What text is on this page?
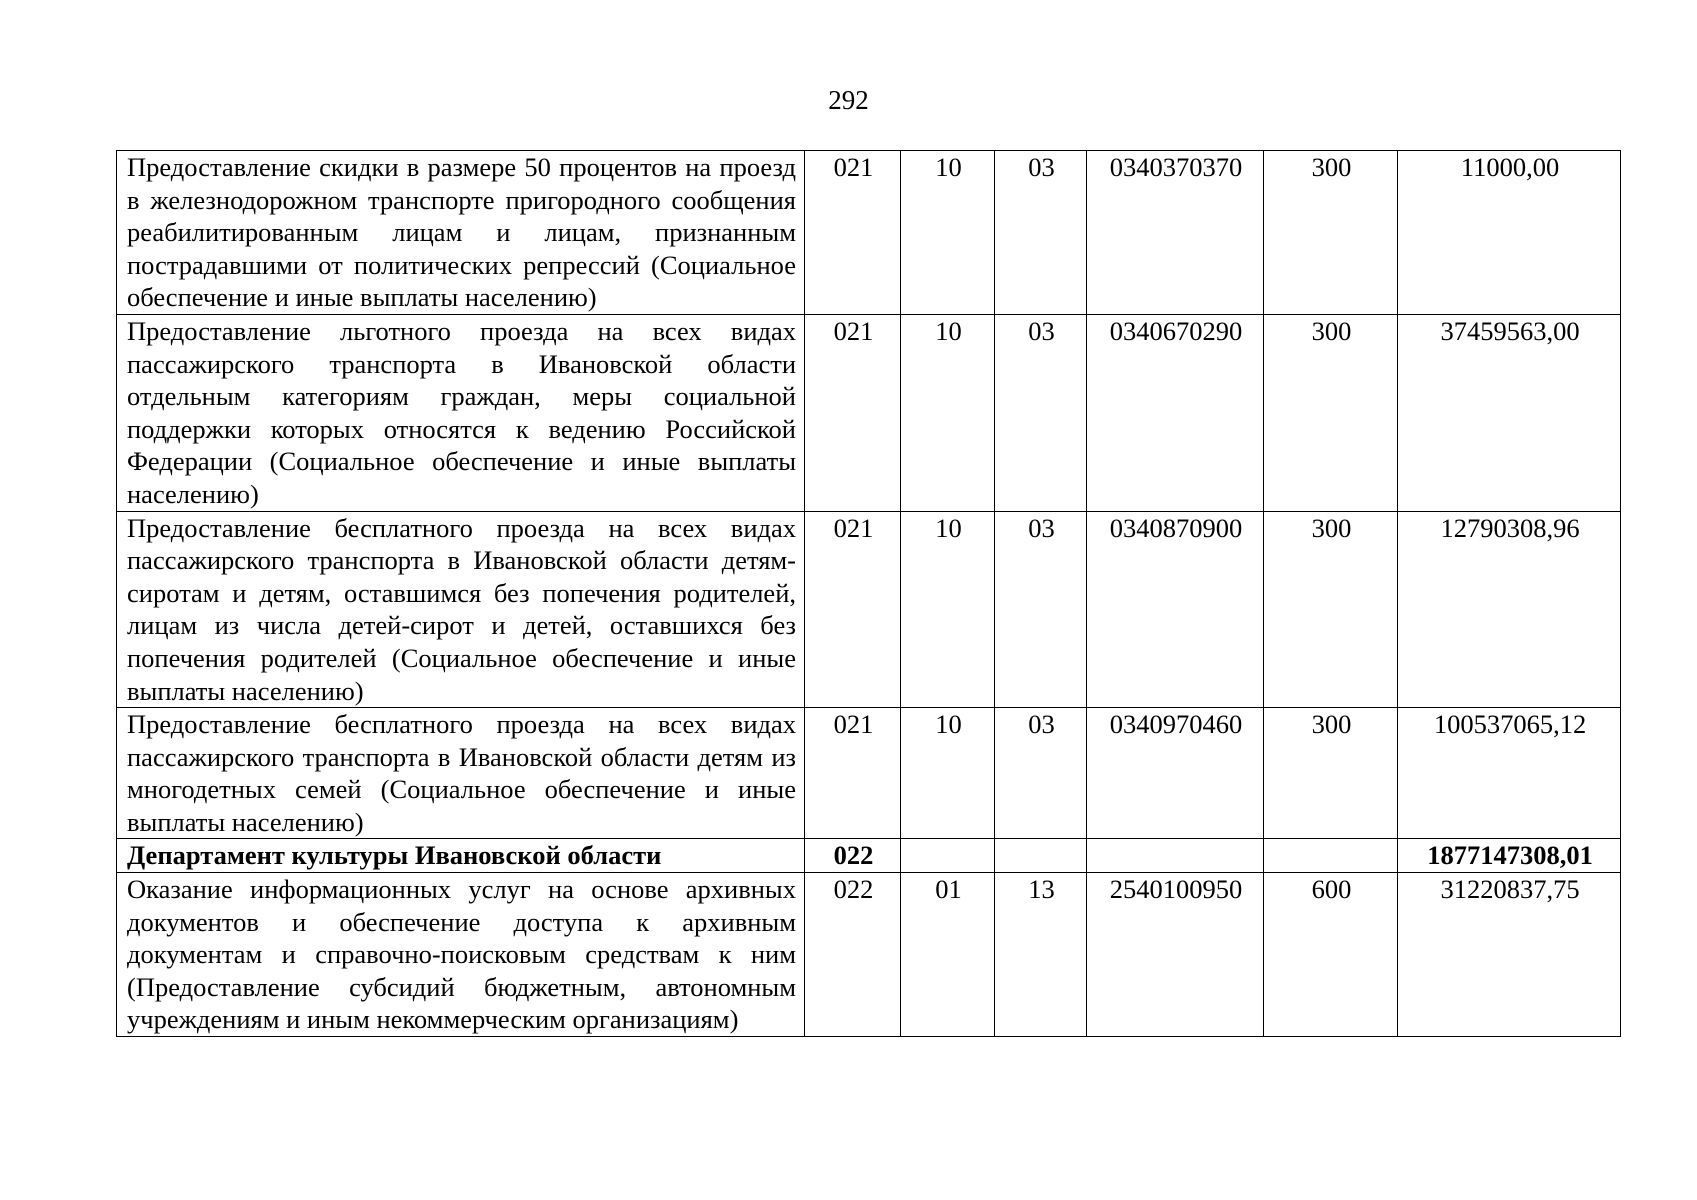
292
Предоставление скидки в размере 50 процентов на проезд в железнодорожном транспорте пригородного сообщения реабилитированным лицам и лицам, признанным пострадавшими от политических репрессий (Социальное обеспечение и иные выплаты населению)	021	10	03	0340370370	300	11000,00
Предоставление льготного проезда на всех видах пассажирского транспорта в Ивановской области отдельным категориям граждан, меры социальной поддержки которых относятся к ведению Российской Федерации (Социальное обеспечение и иные выплаты населению)	021	10	03	0340670290	300	37459563,00
Предоставление бесплатного проезда на всех видах пассажирского транспорта в Ивановской области детям-сиротам и детям, оставшимся без попечения родителей, лицам из числа детей-сирот и детей, оставшихся без попечения родителей (Социальное обеспечение и иные выплаты населению)	021	10	03	0340870900	300	12790308,96
Предоставление бесплатного проезда на всех видах пассажирского транспорта в Ивановской области детям из многодетных семей (Социальное обеспечение и иные выплаты населению)	021	10	03	0340970460	300	100537065,12
Департамент культуры Ивановской области	022					1877147308,01
Оказание информационных услуг на основе архивных документов и обеспечение доступа к архивным документам и справочно-поисковым средствам к ним (Предоставление субсидий бюджетным, автономным учреждениям и иным некоммерческим организациям)	022	01	13	2540100950	600	31220837,75
